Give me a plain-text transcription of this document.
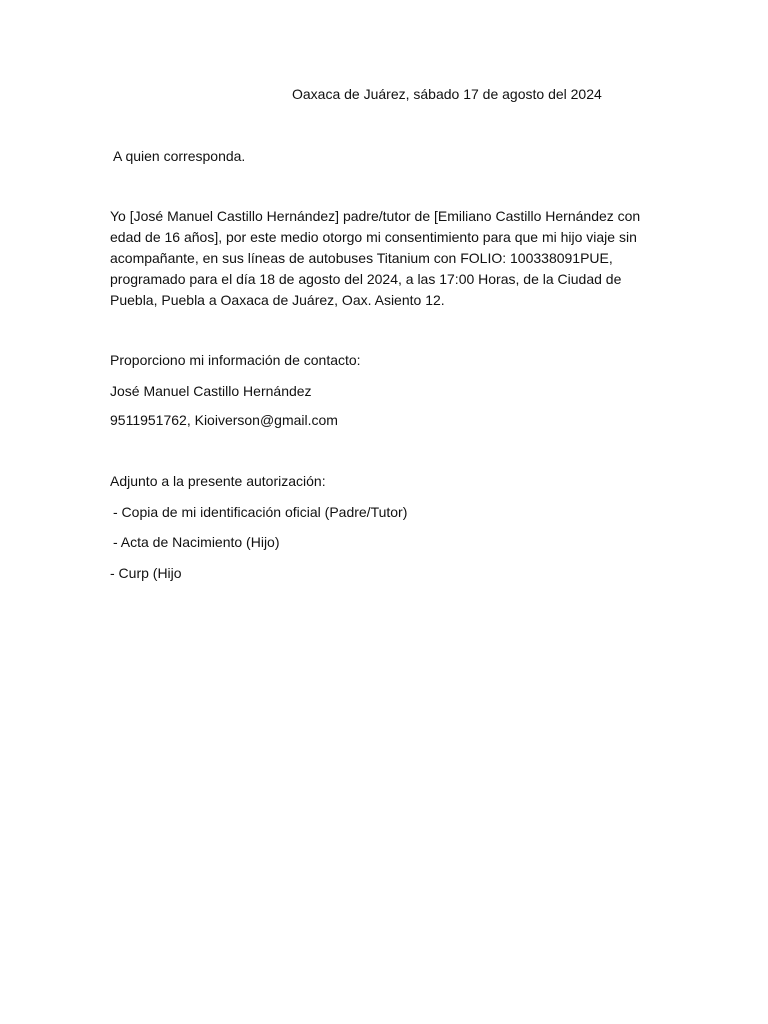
Oaxaca de Juárez, sábado 17 de agosto del 2024
A quien corresponda.
Yo [José Manuel Castillo Hernández] padre/tutor de [Emiliano Castillo Hernández con edad de 16 años], por este medio otorgo mi consentimiento para que mi hijo viaje sin acompañante, en sus líneas de autobuses Titanium con FOLIO: 100338091PUE, programado para el día 18 de agosto del 2024, a las 17:00 Horas, de la Ciudad de Puebla, Puebla a Oaxaca de Juárez, Oax. Asiento 12.
Proporciono mi información de contacto:
José Manuel Castillo Hernández
9511951762, Kioiverson@gmail.com
Adjunto a la presente autorización:
- Copia de mi identificación oficial (Padre/Tutor)
- Acta de Nacimiento (Hijo)
- Curp (Hijo
